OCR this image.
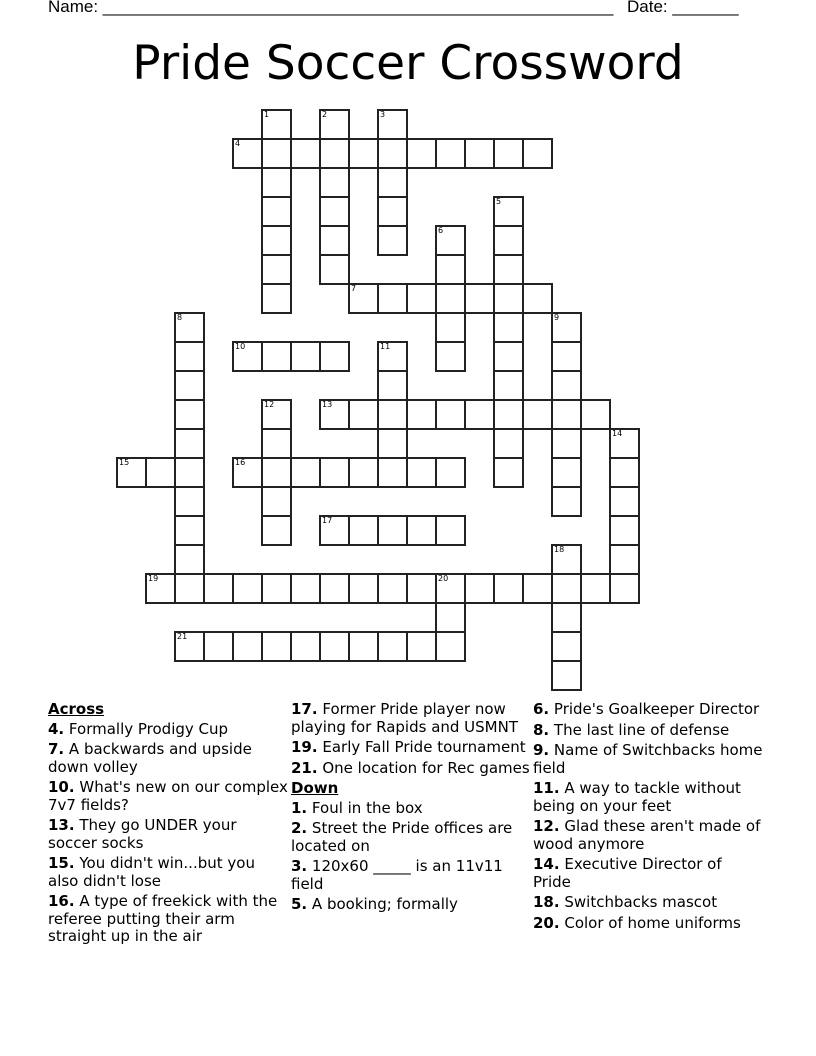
Name: ______________________________________________________ Date: _______
Pride Soccer Crossword
1	2	3
4
5
6
7
8	9
10	11
12	13
14
15	16
17
18
19	20
21
Across
4. Formally Prodigy Cup
7. A backwards and upside down volley
10. What's new on our complex 7v7 fields?
13. They go UNDER your soccer socks
15. You didn't win...but you also didn't lose
16. A type of freekick with the referee putting their arm straight up in the air
17. Former Pride player now playing for Rapids and USMNT
19. Early Fall Pride tournament
21. One location for Rec games
Down
1. Foul in the box
2. Street the Pride offices are located on
3. 120x60 _____ is an 11v11 field
5. A booking; formally
6. Pride's Goalkeeper Director
8. The last line of defense
9. Name of Switchbacks home field
11. A way to tackle without being on your feet
12. Glad these aren't made of wood anymore
14. Executive Director of Pride
18. Switchbacks mascot
20. Color of home uniforms
